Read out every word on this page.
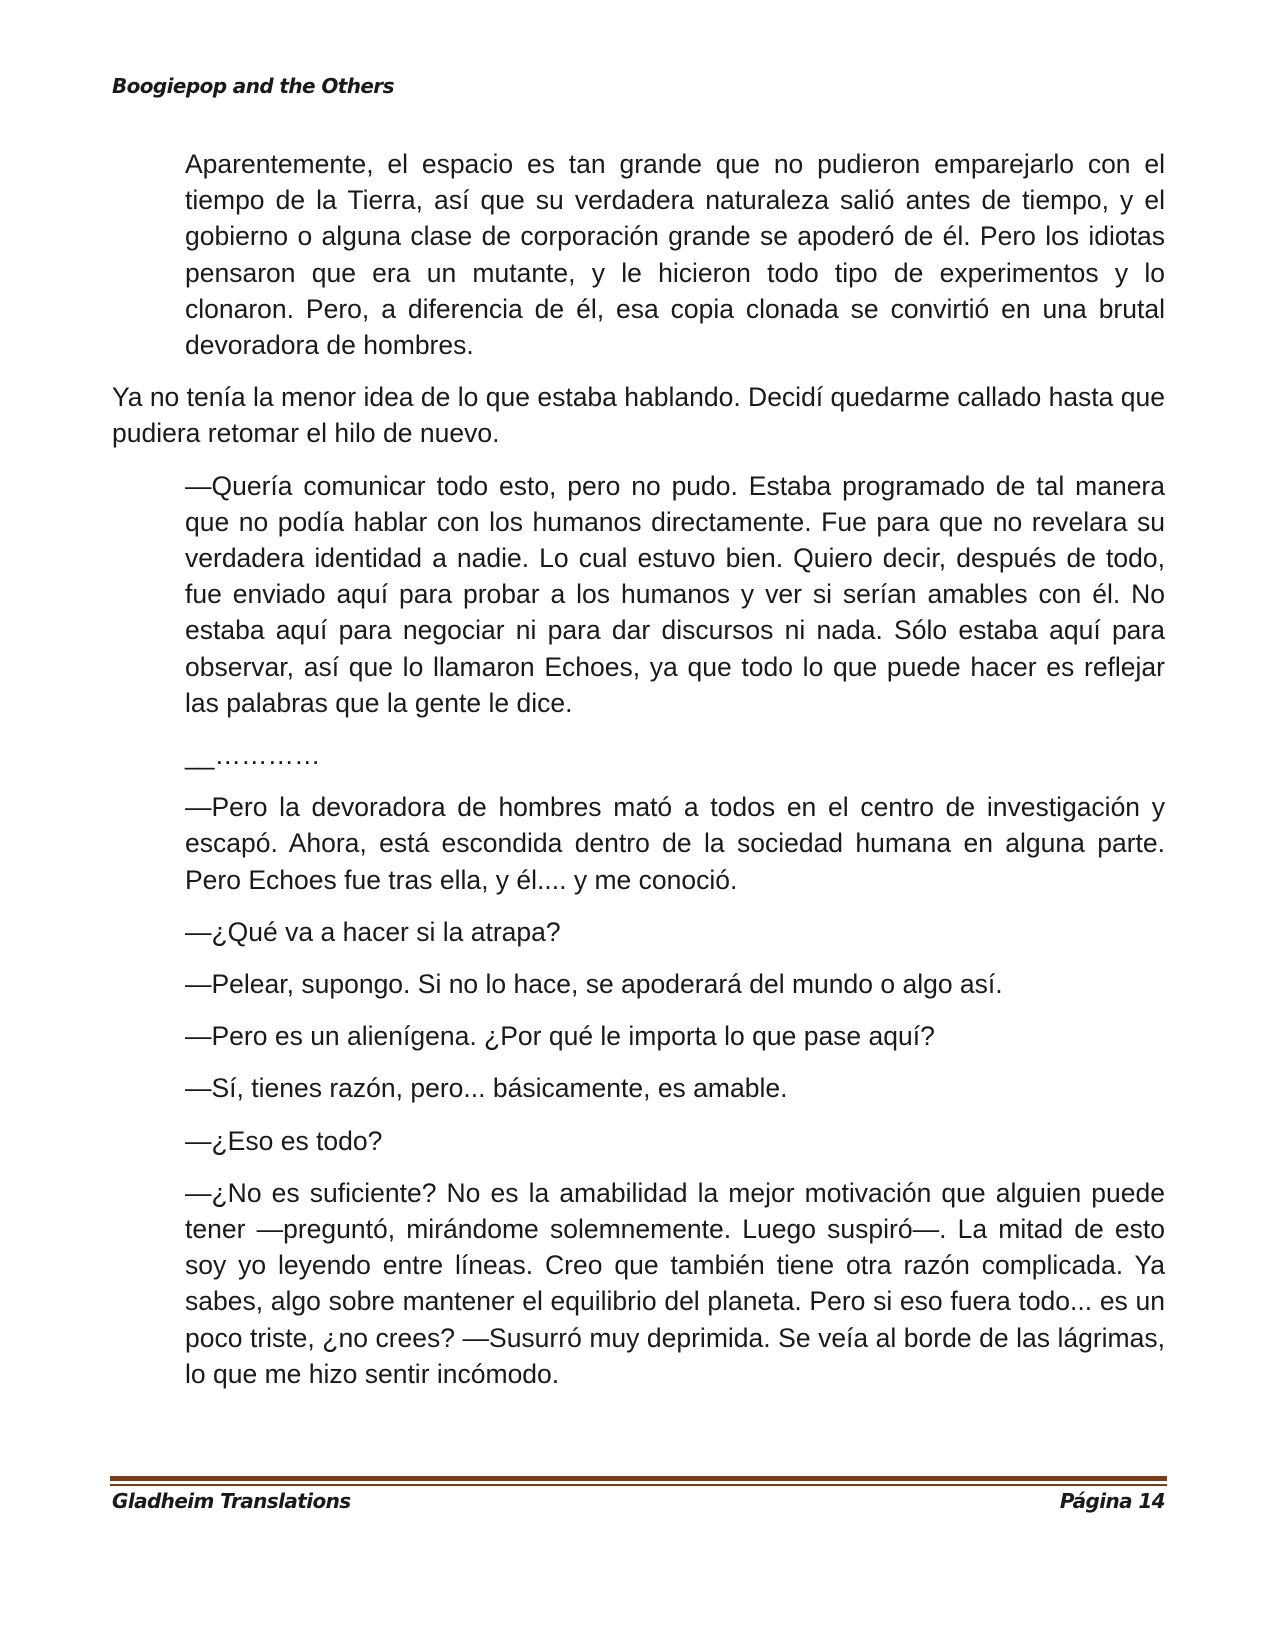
Boogiepop and the Others

Aparentemente, el espacio es tan grande que no pudieron emparejarlo con el tiempo de la Tierra, así que su verdadera naturaleza salió antes de tiempo, y el gobierno o alguna clase de corporación grande se apoderó de él. Pero los idiotas pensaron que era un mutante, y le hicieron todo tipo de experimentos y lo clonaron. Pero, a diferencia de él, esa copia clonada se convirtió en una brutal devoradora de hombres.

Ya no tenía la menor idea de lo que estaba hablando. Decidí quedarme callado hasta que pudiera retomar el hilo de nuevo.

—Quería comunicar todo esto, pero no pudo. Estaba programado de tal manera que no podía hablar con los humanos directamente. Fue para que no revelara su verdadera identidad a nadie. Lo cual estuvo bien. Quiero decir, después de todo, fue enviado aquí para probar a los humanos y ver si serían amables con él. No estaba aquí para negociar ni para dar discursos ni nada. Sólo estaba aquí para observar, así que lo llamaron Echoes, ya que todo lo que puede hacer es reflejar las palabras que la gente le dice.

__…………

—Pero la devoradora de hombres mató a todos en el centro de investigación y escapó. Ahora, está escondida dentro de la sociedad humana en alguna parte. Pero Echoes fue tras ella, y él.... y me conoció.

—¿Qué va a hacer si la atrapa?

—Pelear, supongo. Si no lo hace, se apoderará del mundo o algo así.

—Pero es un alienígena. ¿Por qué le importa lo que pase aquí?

—Sí, tienes razón, pero... básicamente, es amable.

—¿Eso es todo?

—¿No es suficiente? No es la amabilidad la mejor motivación que alguien puede tener —preguntó, mirándome solemnemente. Luego suspiró—. La mitad de esto soy yo leyendo entre líneas. Creo que también tiene otra razón complicada. Ya sabes, algo sobre mantener el equilibrio del planeta. Pero si eso fuera todo... es un poco triste, ¿no crees? —Susurró muy deprimida. Se veía al borde de las lágrimas, lo que me hizo sentir incómodo.

Gladheim Translations	Página 14
